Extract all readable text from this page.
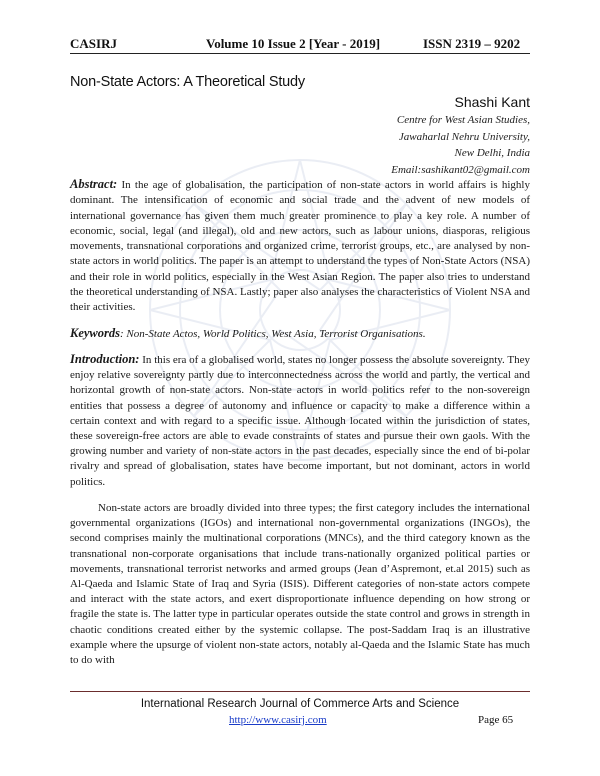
CASIRJ	Volume 10 Issue 2 [Year - 2019]	ISSN 2319 – 9202
Non-State Actors: A Theoretical Study
Shashi Kant
Centre for West Asian Studies,
Jawaharlal Nehru University,
New Delhi, India
Email:sashikant02@gmail.com
Abstract: In the age of globalisation, the participation of non-state actors in world affairs is highly dominant. The intensification of economic and social trade and the advent of new models of international governance has given them much greater prominence to play a key role. A number of economic, social, legal (and illegal), old and new actors, such as labour unions, diasporas, religious movements, transnational corporations and organized crime, terrorist groups, etc., are analysed by non-state actors in world politics. The paper is an attempt to understand the types of Non-State Actors (NSA) and their role in world politics, especially in the West Asian Region. The paper also tries to understand the theoretical understanding of NSA. Lastly; paper also analyses the characteristics of Violent NSA and their activities.
Keywords: Non-State Actos, World Politics, West Asia, Terrorist Organisations.
Introduction: In this era of a globalised world, states no longer possess the absolute sovereignty. They enjoy relative sovereignty partly due to interconnectedness across the world and partly, the vertical and horizontal growth of non-state actors. Non-state actors in world politics refer to the non-sovereign entities that possess a degree of autonomy and influence or capacity to make a difference within a certain context and with regard to a specific issue. Although located within the jurisdiction of states, these sovereign-free actors are able to evade constraints of states and pursue their own gaols. With the growing number and variety of non-state actors in the past decades, especially since the end of bi-polar rivalry and spread of globalisation, states have become important, but not dominant, actors in world politics.
Non-state actors are broadly divided into three types; the first category includes the international governmental organizations (IGOs) and international non-governmental organizations (INGOs), the second comprises mainly the multinational corporations (MNCs), and the third category known as the transnational non-corporate organisations that include trans-nationally organized political parties or movements, transnational terrorist networks and armed groups (Jean d’Aspremont, et.al 2015) such as Al-Qaeda and Islamic State of Iraq and Syria (ISIS). Different categories of non-state actors compete and interact with the state actors, and exert disproportionate influence depending on how strong or fragile the state is. The latter type in particular operates outside the state control and grows in strength in chaotic conditions created either by the systemic collapse. The post-Saddam Iraq is an illustrative example where the upsurge of violent non-state actors, notably al-Qaeda and the Islamic State has much to do with
International Research Journal of Commerce Arts and Science
http://www.casirj.com	Page 65
